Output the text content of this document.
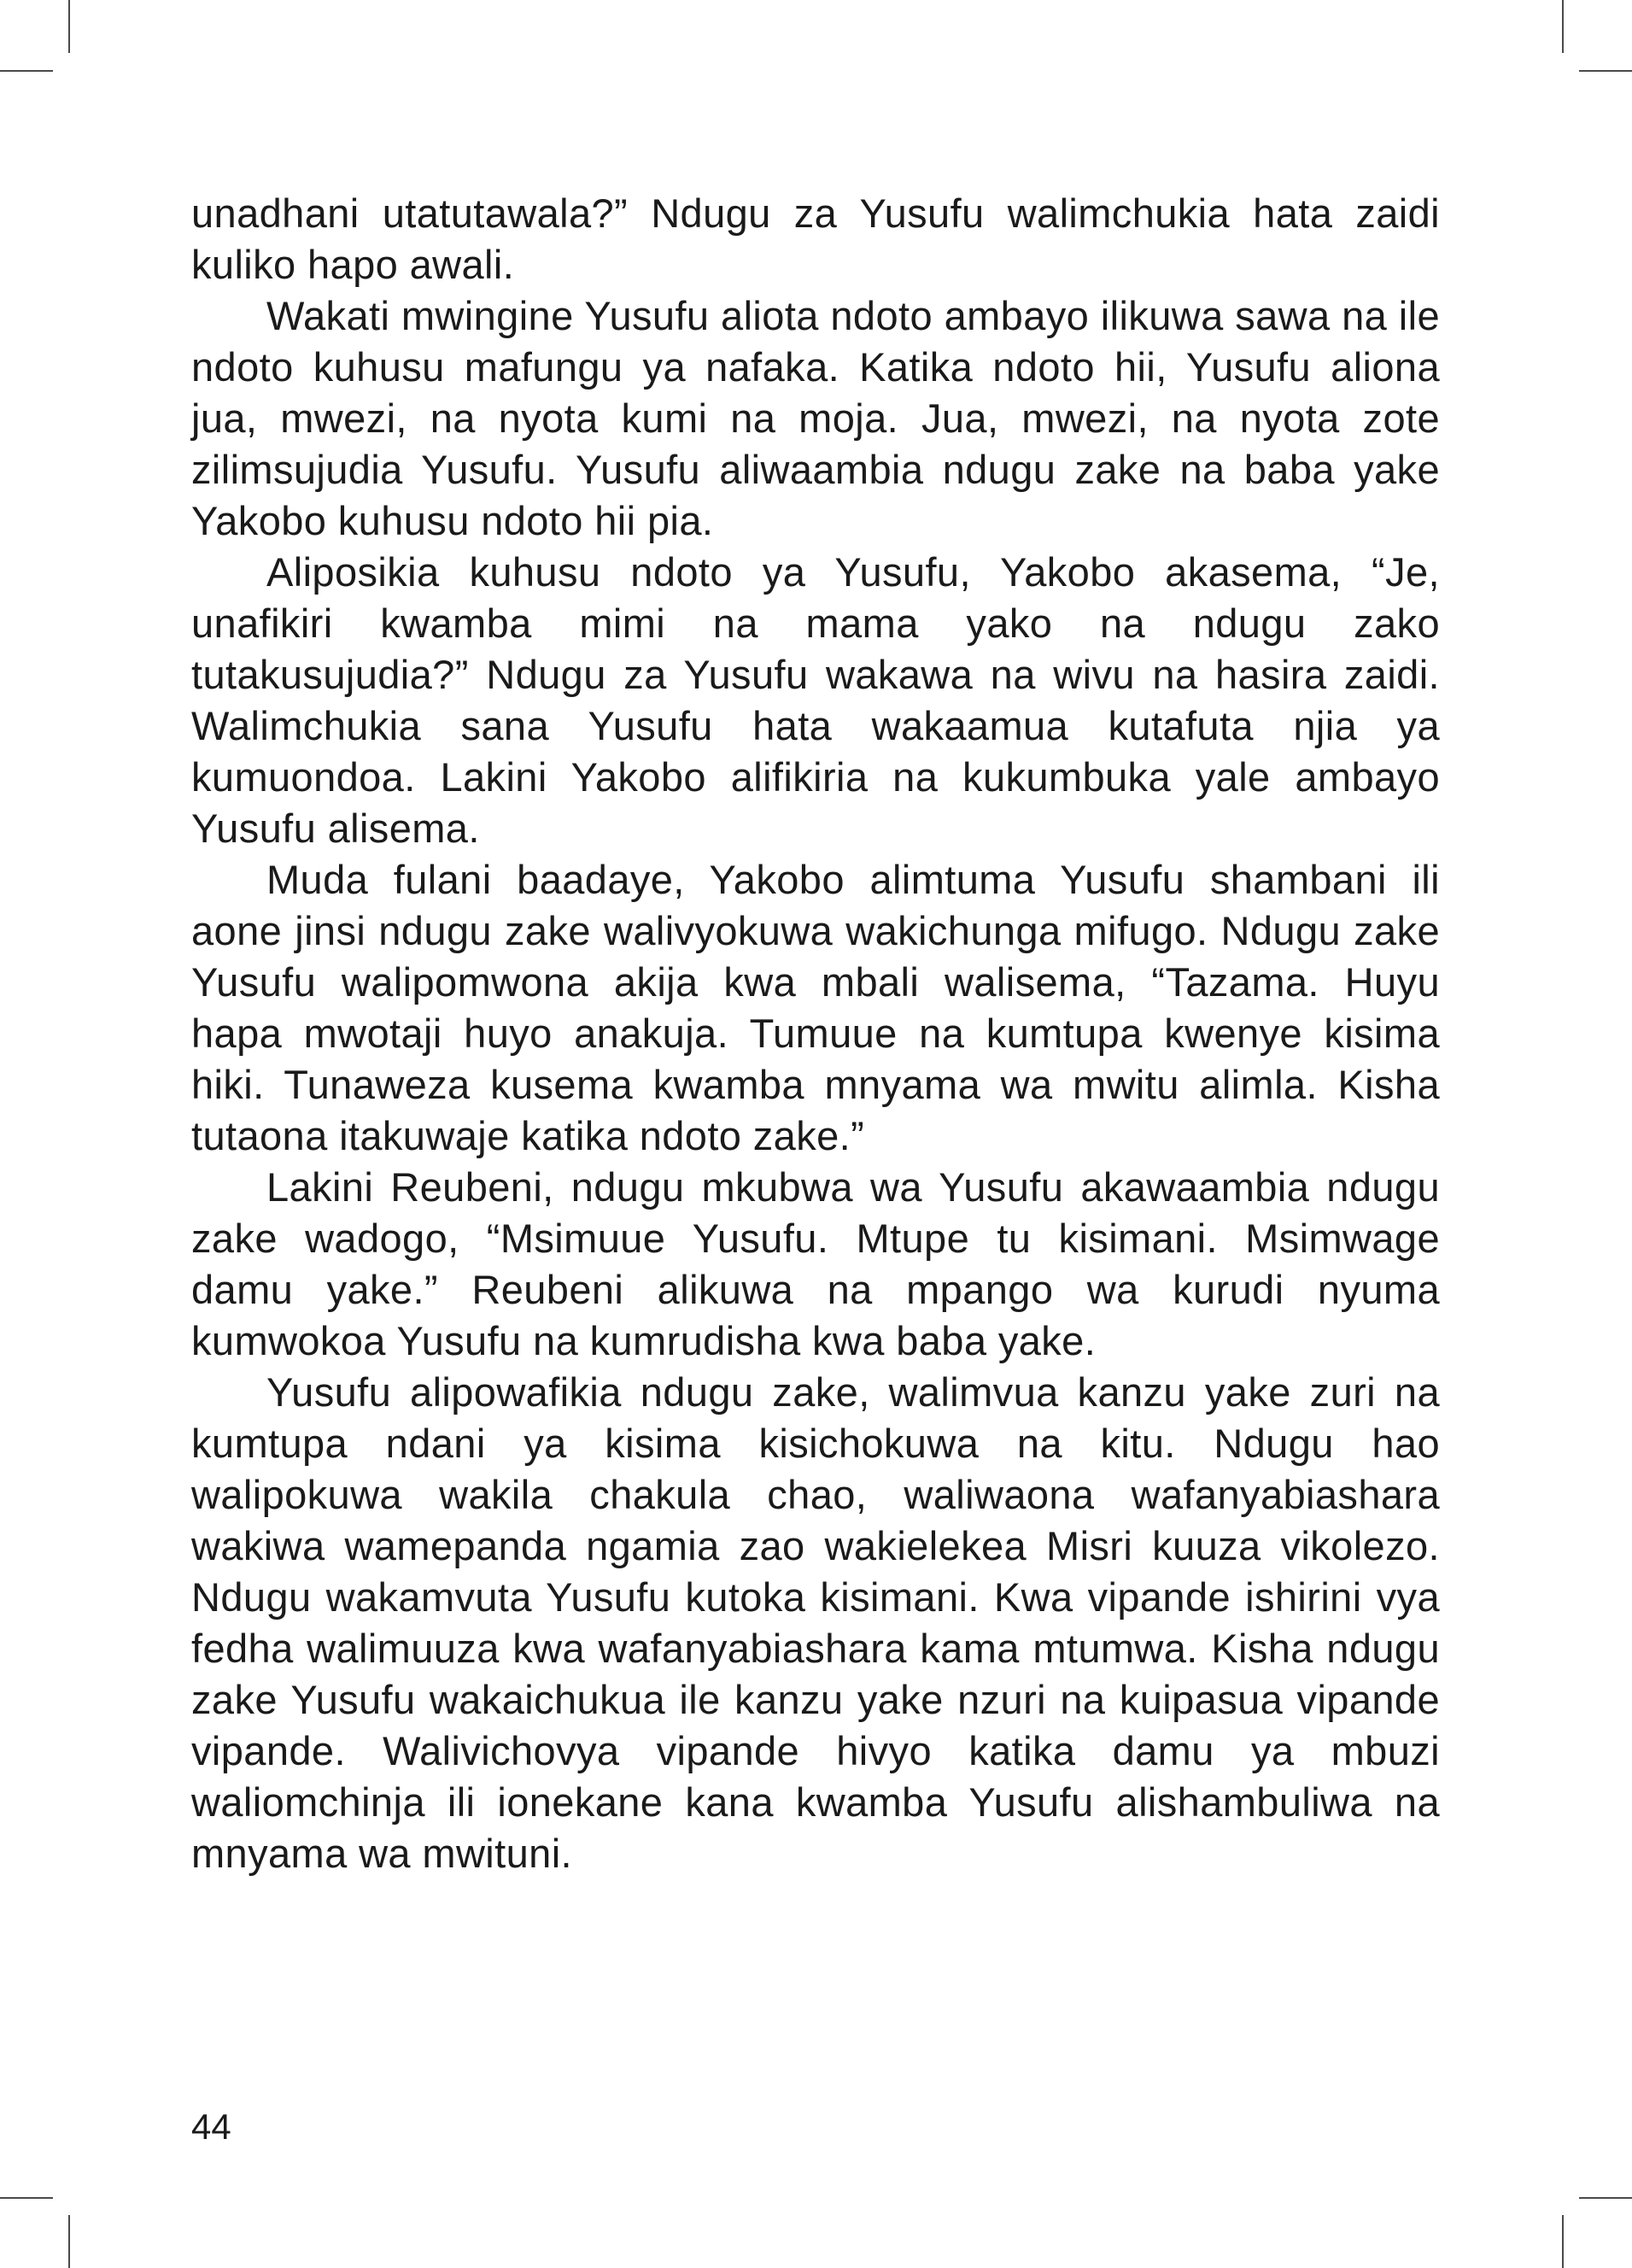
unadhani utatutawala?” Ndugu za Yusufu walimchukia hata zaidi kuliko hapo awali.

Wakati mwingine Yusufu aliota ndoto ambayo ilikuwa sawa na ile ndoto kuhusu mafungu ya nafaka. Katika ndoto hii, Yusufu aliona jua, mwezi, na nyota kumi na moja. Jua, mwezi, na nyota zote zilimsujudia Yusufu. Yusufu aliwaambia ndugu zake na baba yake Yakobo kuhusu ndoto hii pia.

Aliposikia kuhusu ndoto ya Yusufu, Yakobo akasema, “Je, unafikiri kwamba mimi na mama yako na ndugu zako tutakusujudia?” Ndugu za Yusufu wakawa na wivu na hasira zaidi. Walimchukia sana Yusufu hata wakaamua kutafuta njia ya kumuondoa. Lakini Yakobo alifikiria na kukumbuka yale ambayo Yusufu alisema.

Muda fulani baadaye, Yakobo alimtuma Yusufu shambani ili aone jinsi ndugu zake walivyokuwa wakichunga mifugo. Ndugu zake Yusufu walipomwona akija kwa mbali walisema, “Tazama. Huyu hapa mwotaji huyo anakuja. Tumuue na kumtupa kwenye kisima hiki. Tunaweza kusema kwamba mnyama wa mwitu alimla. Kisha tutaona itakuwaje katika ndoto zake.”

Lakini Reubeni, ndugu mkubwa wa Yusufu akawaambia ndugu zake wadogo, “Msimuue Yusufu. Mtupe tu kisimani. Msimwage damu yake.” Reubeni alikuwa na mpango wa kurudi nyuma kumwokoa Yusufu na kumrudisha kwa baba yake.

Yusufu alipowafikia ndugu zake, walimvua kanzu yake zuri na kumtupa ndani ya kisima kisichokuwa na kitu. Ndugu hao walipokuwa wakila chakula chao, waliwaona wafanyabiashara wakiwa wamepanda ngamia zao wakielekea Misri kuuza vikolezo. Ndugu wakamvuta Yusufu kutoka kisimani. Kwa vipande ishirini vya fedha walimuuza kwa wafanyabiashara kama mtumwa. Kisha ndugu zake Yusufu wakaichukua ile kanzu yake nzuri na kuipasua vipande vipande. Walivichovya vipande hivyo katika damu ya mbuzi waliomchinja ili ionekane kana kwamba Yusufu alishambuliwa na mnyama wa mwituni.

44
